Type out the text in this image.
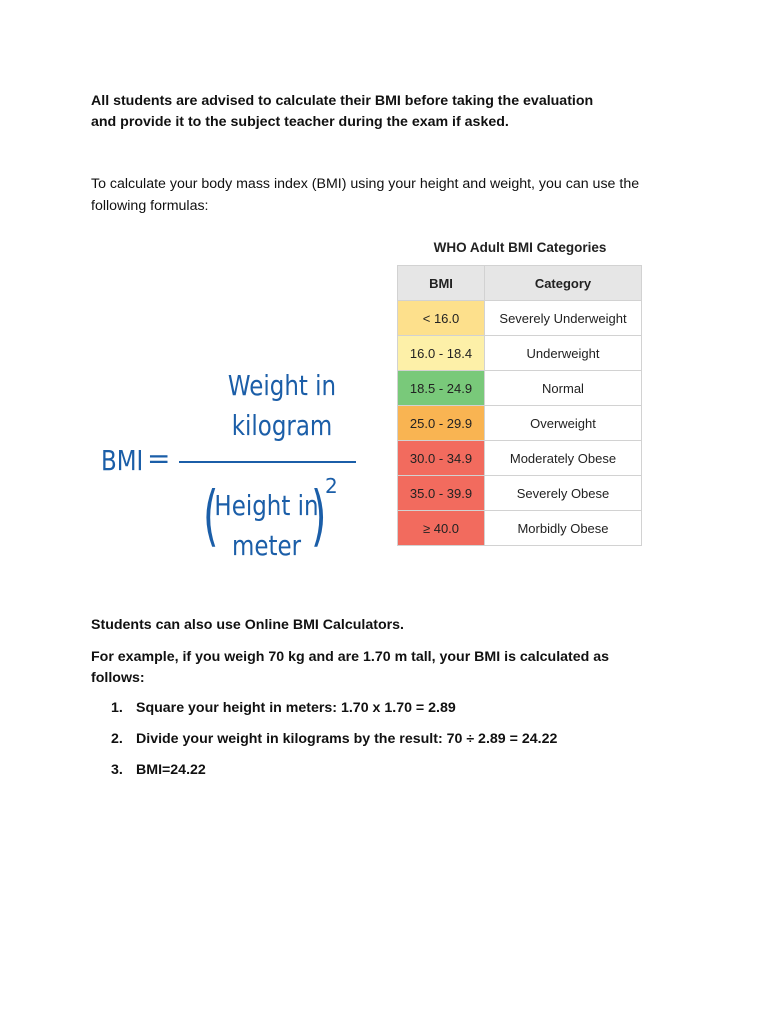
All students are advised to calculate their BMI before taking the evaluation
and provide it to the subject teacher during the exam if asked.
To calculate your body mass index (BMI) using your height and weight, you can use the
following formulas:
BMI =
Weight in
kilogram
(
Height in
meter )
2
WHO Adult BMI Categories
BMI	Category
< 16.0	Severely Underweight
16.0 - 18.4	Underweight
18.5 - 24.9	Normal
25.0 - 29.9	Overweight
30.0 - 34.9	Moderately Obese
35.0 - 39.9	Severely Obese
≥ 40.0	Morbidly Obese
Students can also use Online BMI Calculators.
For example, if you weigh 70 kg and are 1.70 m tall, your BMI is calculated as
follows:
1. Square your height in meters: 1.70 x 1.70 = 2.89
2. Divide your weight in kilograms by the result: 70 ÷ 2.89 = 24.22
3. BMI=24.22
